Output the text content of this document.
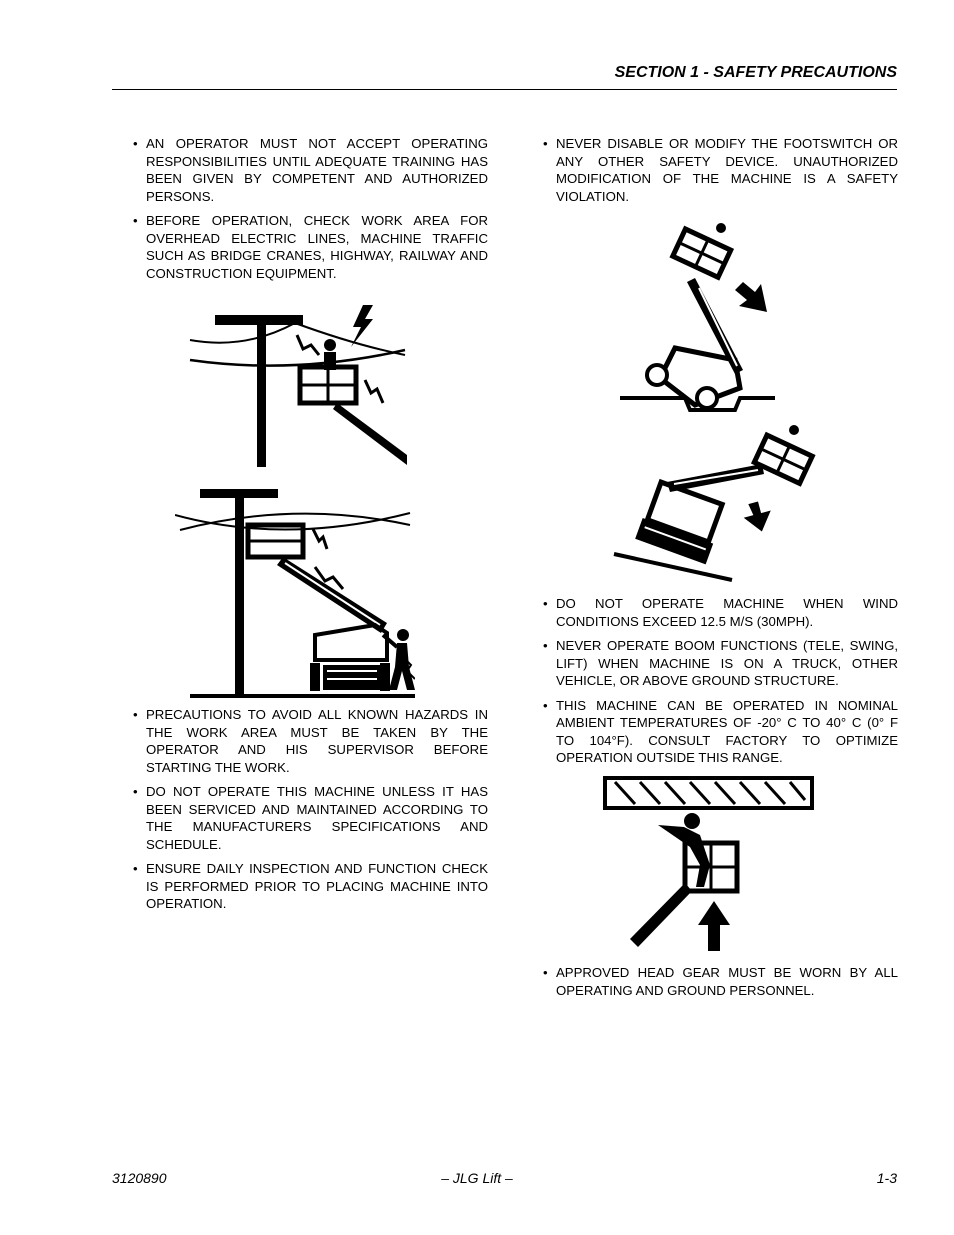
SECTION 1 - SAFETY PRECAUTIONS
• AN OPERATOR MUST NOT ACCEPT OPERATING RESPONSIBILITIES UNTIL ADEQUATE TRAINING HAS BEEN GIVEN BY COMPETENT AND AUTHORIZED PERSONS.
• BEFORE OPERATION, CHECK WORK AREA FOR OVERHEAD ELECTRIC LINES, MACHINE TRAFFIC SUCH AS BRIDGE CRANES, HIGHWAY, RAILWAY AND CONSTRUCTION EQUIPMENT.
• PRECAUTIONS TO AVOID ALL KNOWN HAZARDS IN THE WORK AREA MUST BE TAKEN BY THE OPERATOR AND HIS SUPERVISOR BEFORE STARTING THE WORK.
• DO NOT OPERATE THIS MACHINE UNLESS IT HAS BEEN SERVICED AND MAINTAINED ACCORDING TO THE MANUFACTURERS SPECIFICATIONS AND SCHEDULE.
• ENSURE DAILY INSPECTION AND FUNCTION CHECK IS PERFORMED PRIOR TO PLACING MACHINE INTO OPERATION.
• NEVER DISABLE OR MODIFY THE FOOTSWITCH OR ANY OTHER SAFETY DEVICE. UNAUTHORIZED MODIFICATION OF THE MACHINE IS A SAFETY VIOLATION.
• DO NOT OPERATE MACHINE WHEN WIND CONDITIONS EXCEED 12.5 M/S (30MPH).
• NEVER OPERATE BOOM FUNCTIONS (TELE, SWING, LIFT) WHEN MACHINE IS ON A TRUCK, OTHER VEHICLE, OR ABOVE GROUND STRUCTURE.
• THIS MACHINE CAN BE OPERATED IN NOMINAL AMBIENT TEMPERATURES OF -20° C TO 40° C (0° F TO 104°F). CONSULT FACTORY TO OPTIMIZE OPERATION OUTSIDE THIS RANGE.
• APPROVED HEAD GEAR MUST BE WORN BY ALL OPERATING AND GROUND PERSONNEL.
3120890	– JLG Lift –	1-3
